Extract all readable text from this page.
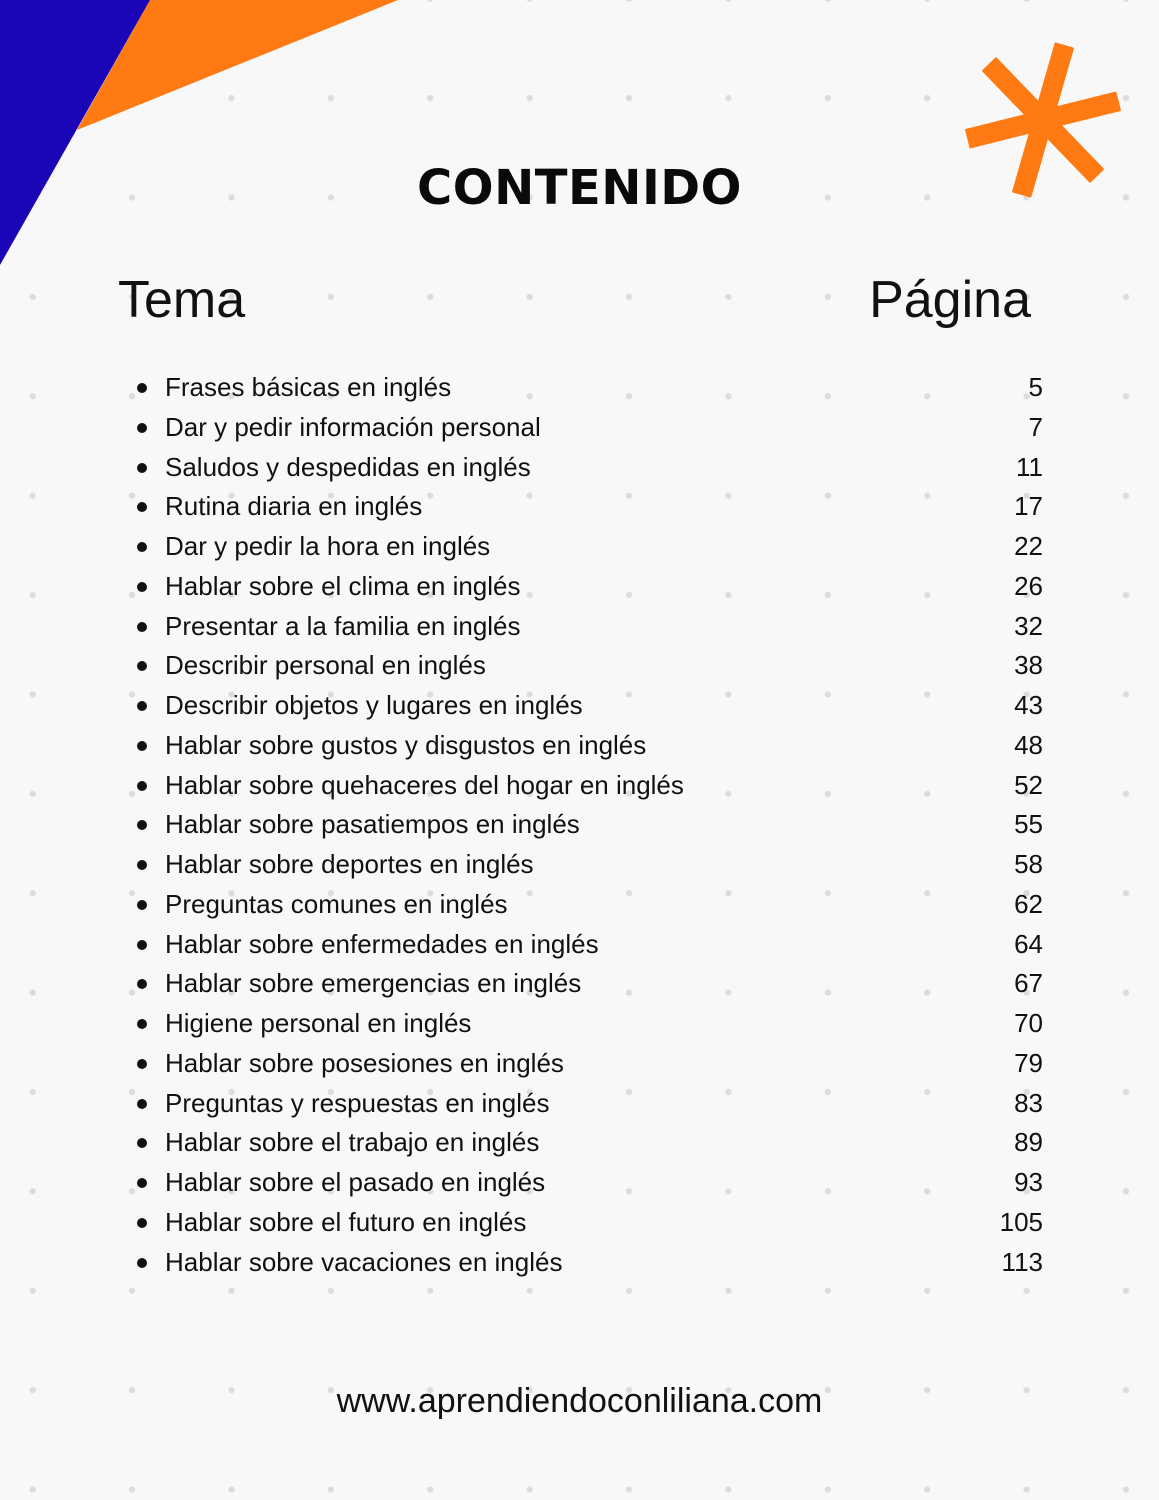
CONTENIDO
Tema	Página
Frases básicas en inglés	5
Dar y pedir información personal	7
Saludos y despedidas en inglés	11
Rutina diaria en inglés	17
Dar y pedir la hora en inglés	22
Hablar sobre el clima en inglés	26
Presentar a la familia en inglés	32
Describir personal en inglés	38
Describir objetos y lugares en inglés	43
Hablar sobre gustos y disgustos en inglés	48
Hablar sobre quehaceres del hogar en inglés	52
Hablar sobre pasatiempos en inglés	55
Hablar sobre deportes en inglés	58
Preguntas comunes en inglés	62
Hablar sobre enfermedades en inglés	64
Hablar sobre emergencias en inglés	67
Higiene personal en inglés	70
Hablar sobre posesiones en inglés	79
Preguntas y respuestas en inglés	83
Hablar sobre el trabajo en inglés	89
Hablar sobre el pasado en inglés	93
Hablar sobre el futuro en inglés	105
Hablar sobre vacaciones en inglés	113
www.aprendiendoconliliana.com
